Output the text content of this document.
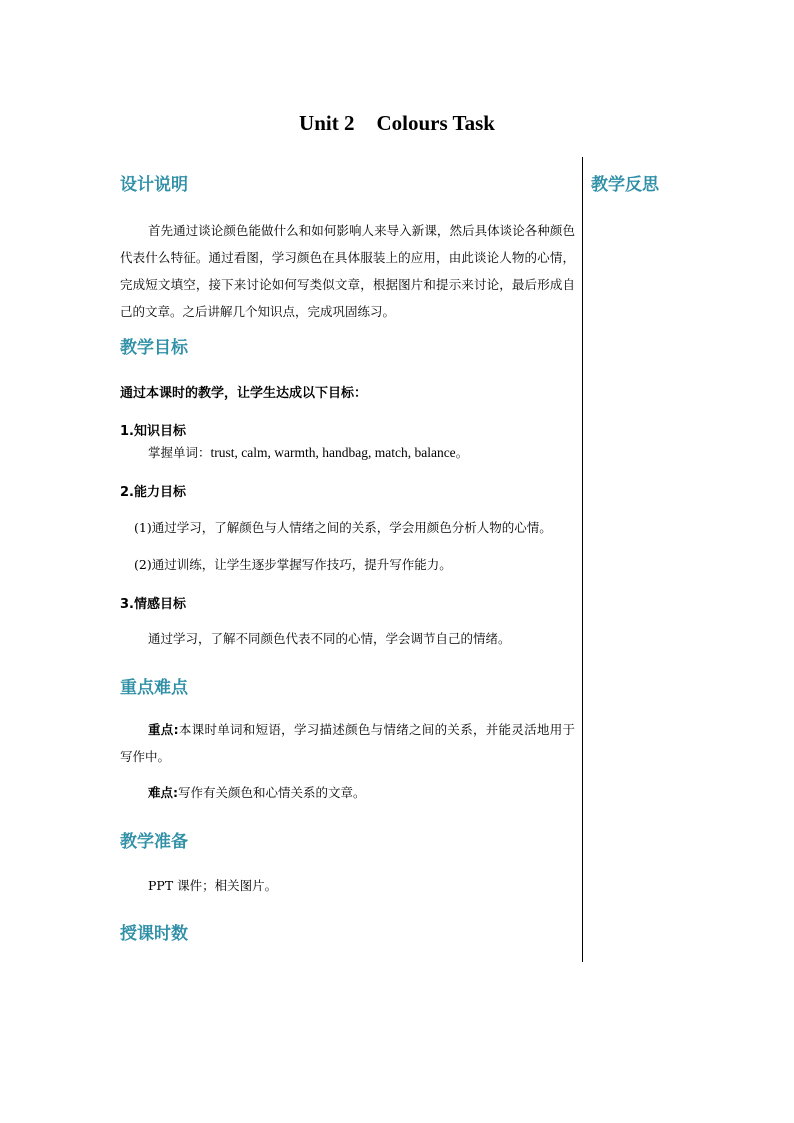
Unit 2 Colours Task
教学反思
设计说明

首先通过谈论颜色能做什么和如何影响人来导入新课，然后具体谈论各种颜色代表什么特征。通过看图，学习颜色在具体服装上的应用，由此谈论人物的心情，完成短文填空，接下来讨论如何写类似文章，根据图片和提示来讨论，最后形成自己的文章。之后讲解几个知识点，完成巩固练习。

教学目标

通过本课时的教学，让学生达成以下目标：

1.知识目标

掌握单词：trust, calm, warmth, handbag, match, balance。

2.能力目标

(1)通过学习，了解颜色与人情绪之间的关系，学会用颜色分析人物的心情。

(2)通过训练，让学生逐步掌握写作技巧，提升写作能力。

3.情感目标

通过学习，了解不同颜色代表不同的心情，学会调节自己的情绪。

重点难点

重点:本课时单词和短语，学习描述颜色与情绪之间的关系，并能灵活地用于写作中。

难点:写作有关颜色和心情关系的文章。

教学准备

PPT 课件；相关图片。

授课时数
